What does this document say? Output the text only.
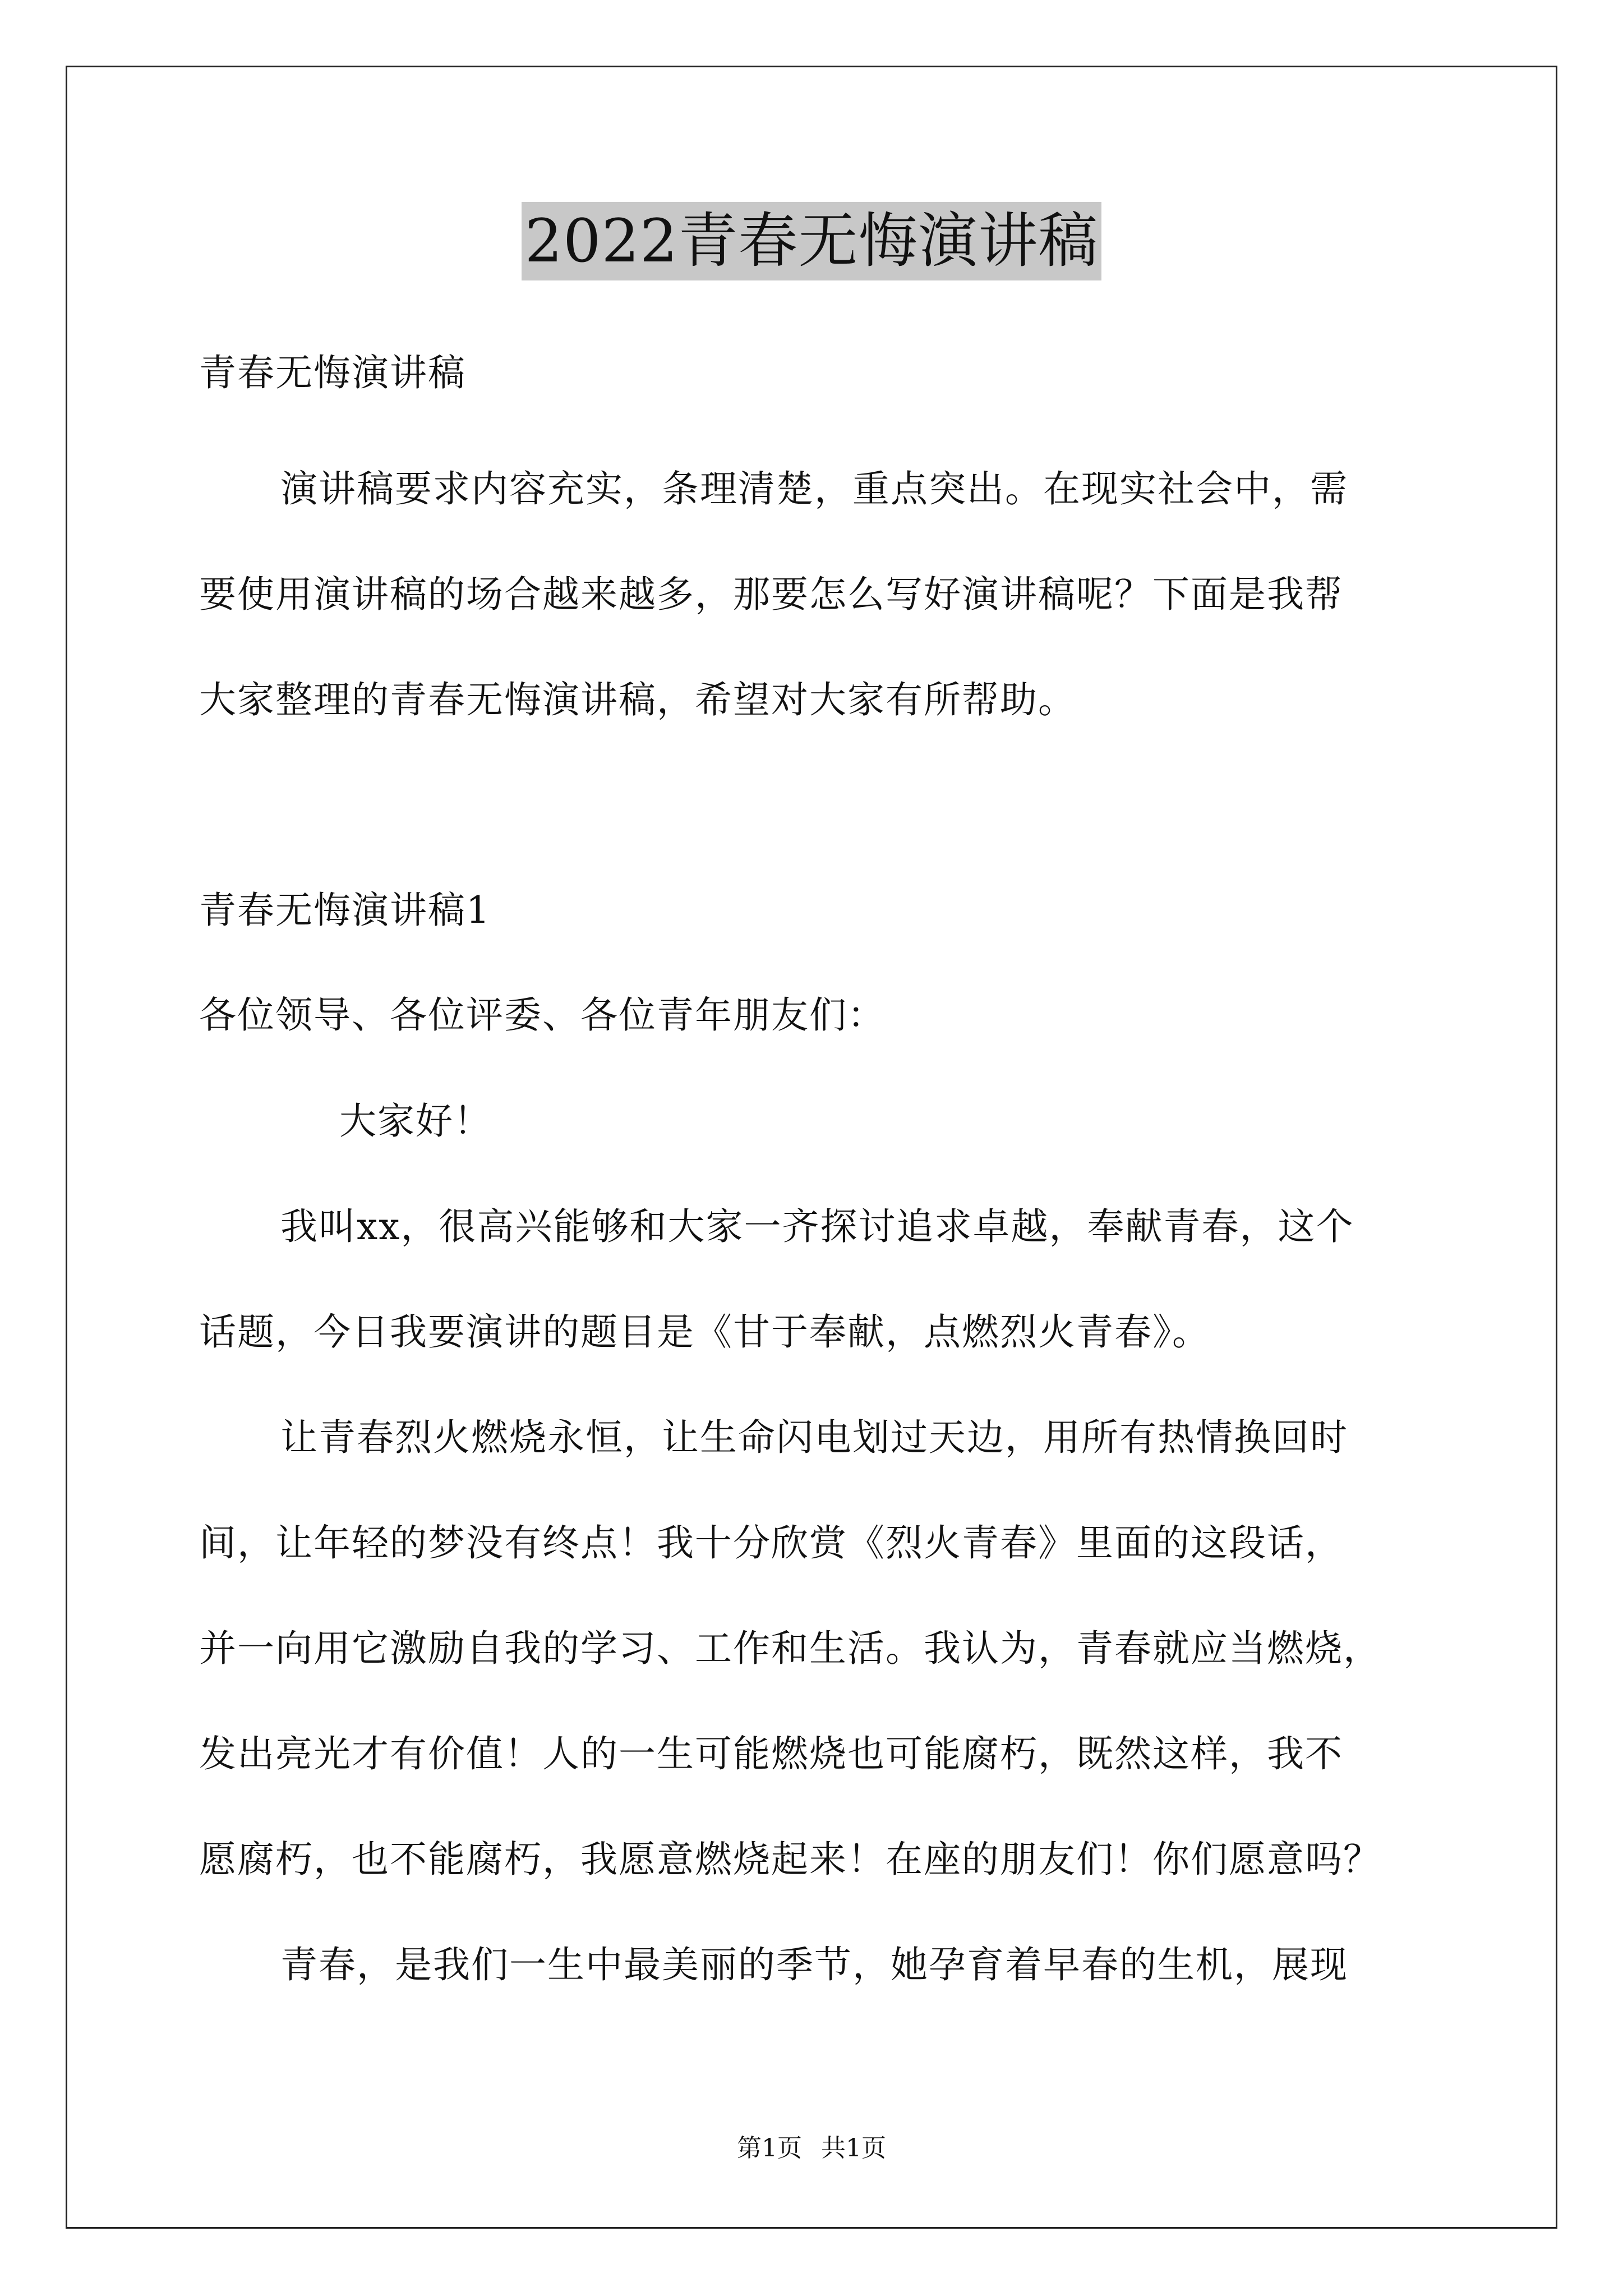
2022青春无悔演讲稿
青春无悔演讲稿
演讲稿要求内容充实，条理清楚，重点突出。在现实社会中，需
要使用演讲稿的场合越来越多，那要怎么写好演讲稿呢？下面是我帮
大家整理的青春无悔演讲稿，希望对大家有所帮助。
青春无悔演讲稿1
各位领导、各位评委、各位青年朋友们：
大家好！
我叫xx，很高兴能够和大家一齐探讨追求卓越，奉献青春，这个
话题，今日我要演讲的题目是《甘于奉献，点燃烈火青春》。
让青春烈火燃烧永恒，让生命闪电划过天边，用所有热情换回时
间，让年轻的梦没有终点！我十分欣赏《烈火青春》里面的这段话，
并一向用它激励自我的学习、工作和生活。我认为，青春就应当燃烧，
发出亮光才有价值！人的一生可能燃烧也可能腐朽，既然这样，我不
愿腐朽，也不能腐朽，我愿意燃烧起来！在座的朋友们！你们愿意吗？
青春，是我们一生中最美丽的季节，她孕育着早春的生机，展现
第1页 共1页
